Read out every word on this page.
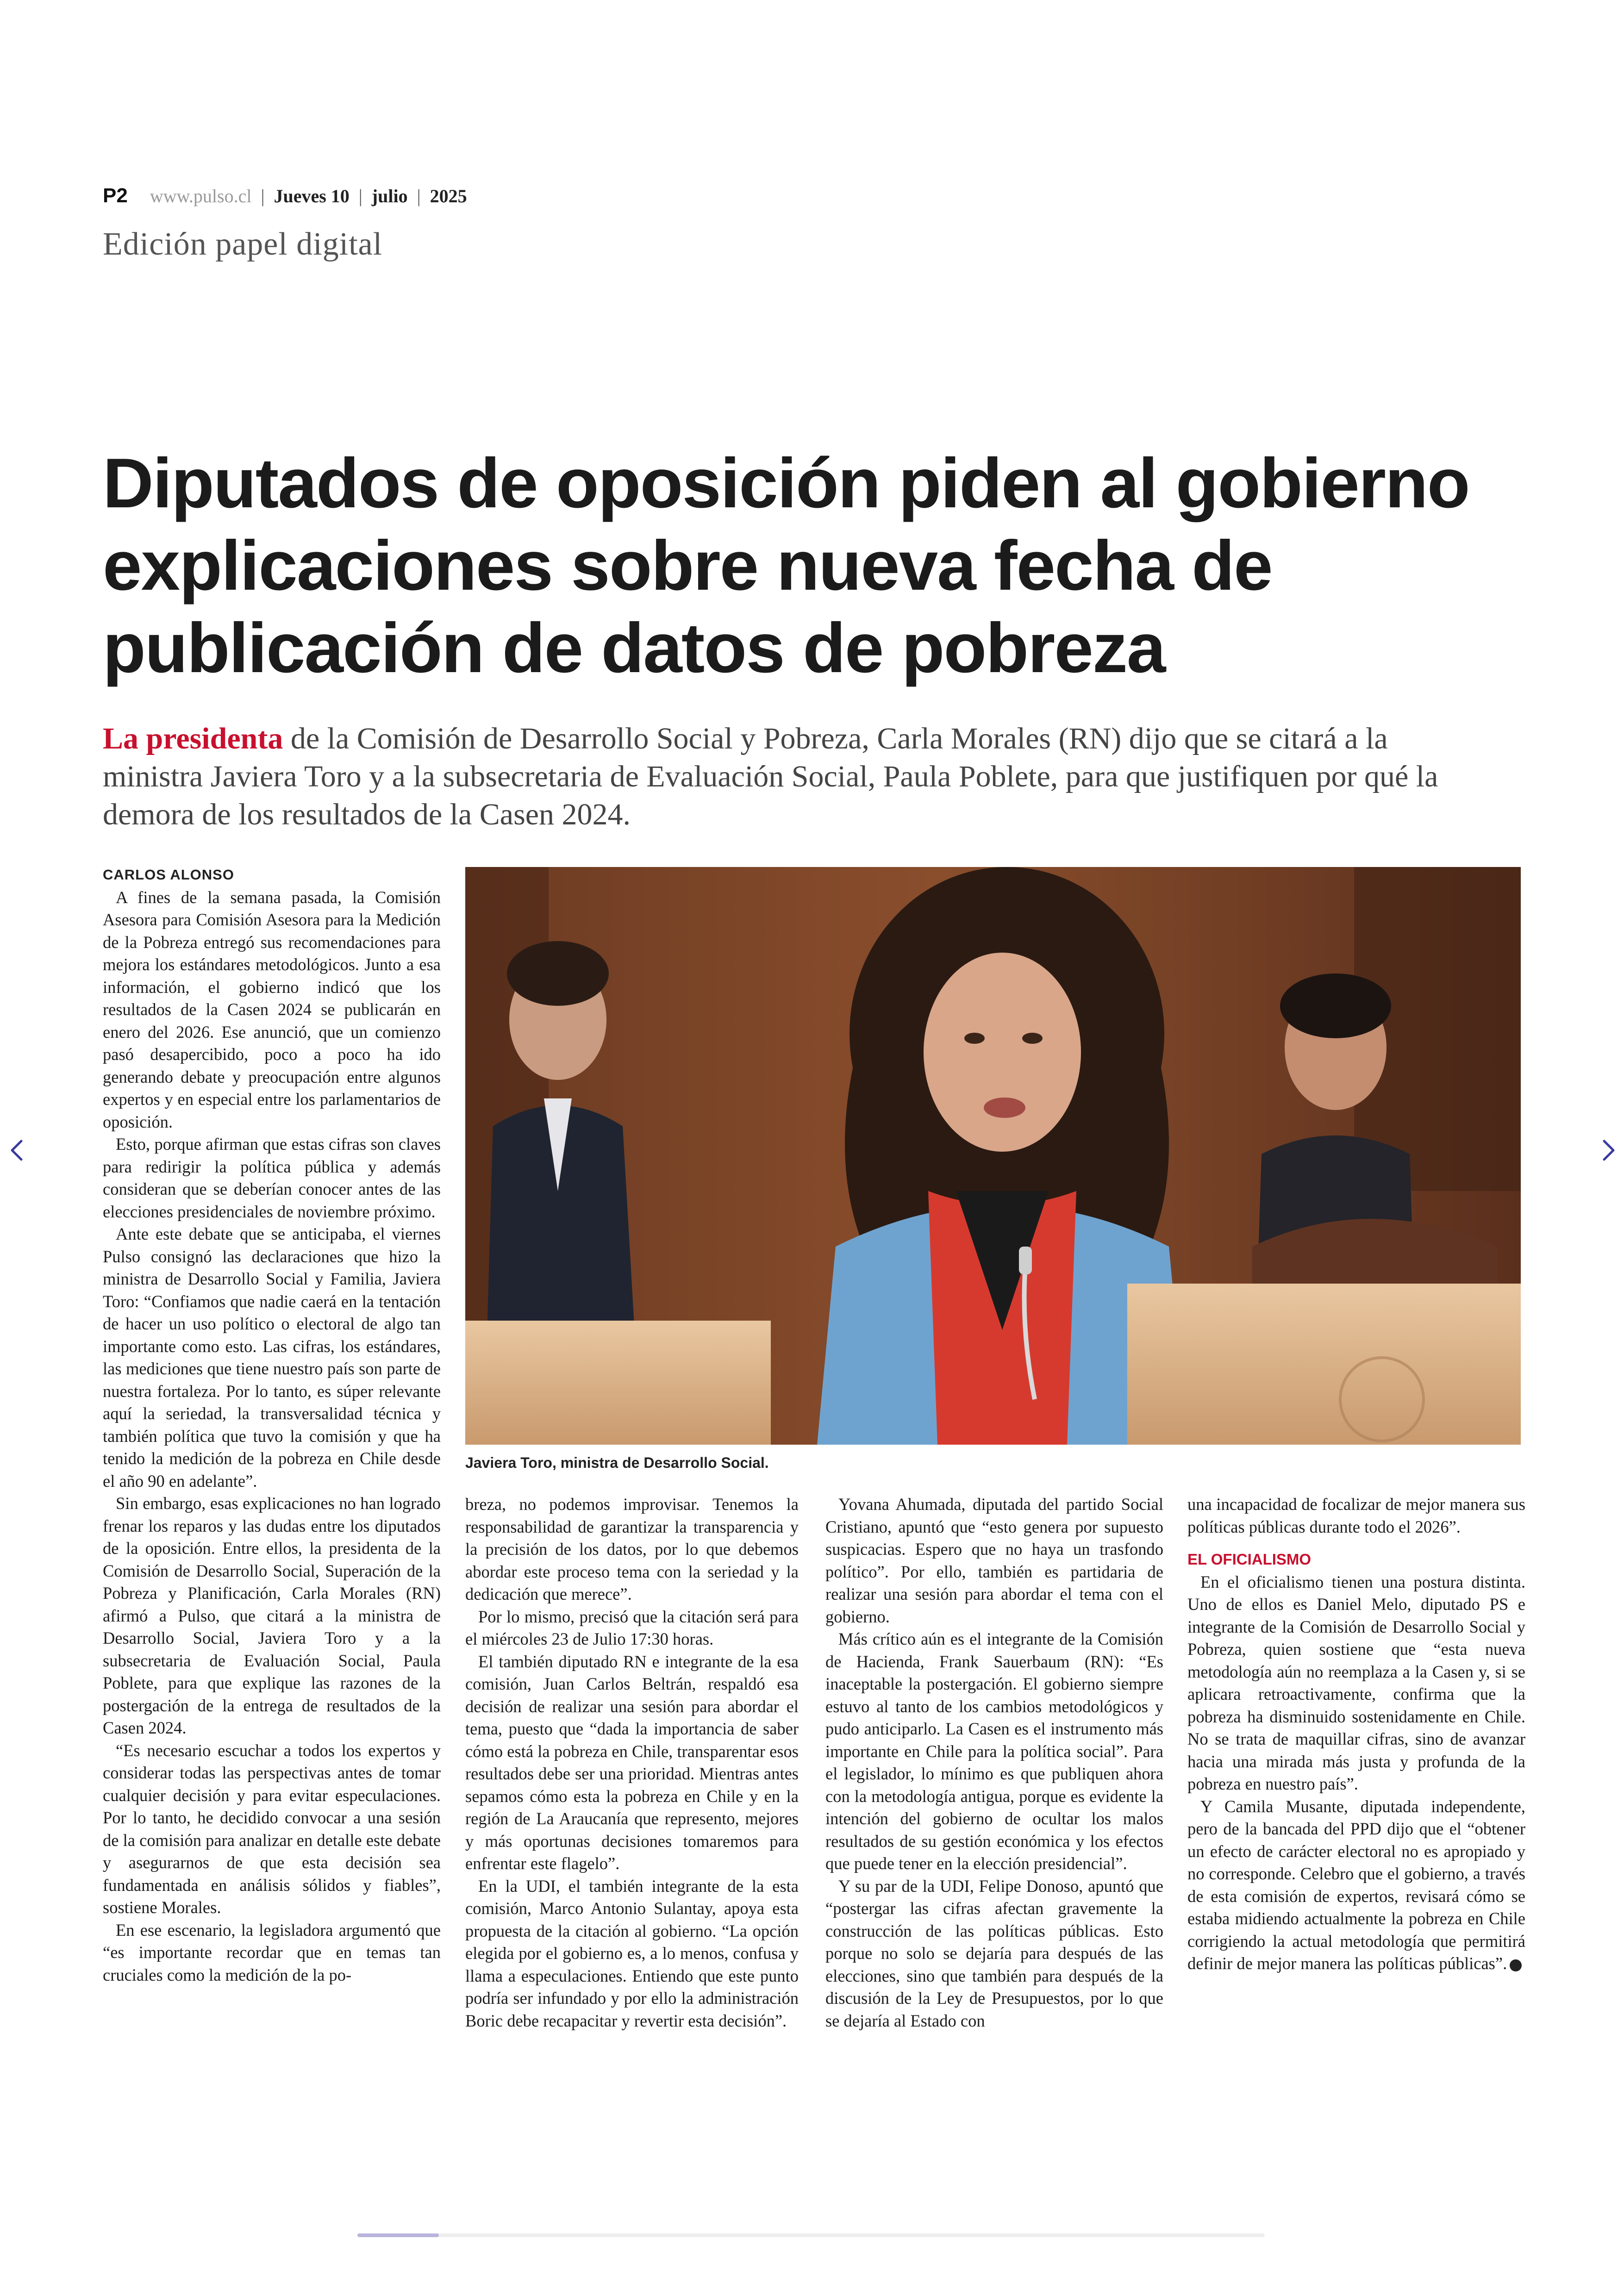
P2 www.pulso.cl | Jueves 10 | julio | 2025
Edición papel digital
Diputados de oposición piden al gobierno
explicaciones sobre nueva fecha de
publicación de datos de pobreza
La presidenta de la Comisión de Desarrollo Social y Pobreza, Carla Morales (RN) dijo que se citará a la
ministra Javiera Toro y a la subsecretaria de Evaluación Social, Paula Poblete, para que justifiquen por qué la
demora de los resultados de la Casen 2024.

CARLOS ALONSO

A fines de la semana pasada, la Comisión Asesora para Comisión Asesora para la Medición de la Pobreza entregó sus recomendaciones para mejora los estándares metodológicos. Junto a esa información, el gobierno indicó que los resultados de la Casen 2024 se publicarán en enero del 2026. Ese anunció, que un comienzo pasó desapercibido, poco a poco ha ido generando debate y preocupación entre algunos expertos y en especial entre los parlamentarios de oposición.

Esto, porque afirman que estas cifras son claves para redirigir la política pública y además consideran que se deberían conocer antes de las elecciones presidenciales de noviembre próximo.

Ante este debate que se anticipaba, el viernes Pulso consignó las declaraciones que hizo la ministra de Desarrollo Social y Familia, Javiera Toro: “Confiamos que nadie caerá en la tentación de hacer un uso político o electoral de algo tan importante como esto. Las cifras, los estándares, las mediciones que tiene nuestro país son parte de nuestra fortaleza. Por lo tanto, es súper relevante aquí la seriedad, la transversalidad técnica y también política que tuvo la comisión y que ha tenido la medición de la pobreza en Chile desde el año 90 en adelante”.

Sin embargo, esas explicaciones no han logrado frenar los reparos y las dudas entre los diputados de la oposición. Entre ellos, la presidenta de la Comisión de Desarrollo Social, Superación de la Pobreza y Planificación, Carla Morales (RN) afirmó a Pulso, que citará a la ministra de Desarrollo Social, Javiera Toro y a la subsecretaria de Evaluación Social, Paula Poblete, para que explique las razones de la postergación de la entrega de resultados de la Casen 2024.

“Es necesario escuchar a todos los expertos y considerar todas las perspectivas antes de tomar cualquier decisión y para evitar especulaciones. Por lo tanto, he decidido convocar a una sesión de la comisión para analizar en detalle este debate y asegurarnos de que esta decisión sea fundamentada en análisis sólidos y fiables”, sostiene Morales.

En ese escenario, la legisladora argumentó que “es importante recordar que en temas tan cruciales como la medición de la po-

Javiera Toro, ministra de Desarrollo Social.

breza, no podemos improvisar. Tenemos la responsabilidad de garantizar la transparencia y la precisión de los datos, por lo que debemos abordar este proceso tema con la seriedad y la dedicación que merece”.

Por lo mismo, precisó que la citación será para el miércoles 23 de Julio 17:30 horas.

El también diputado RN e integrante de la esa comisión, Juan Carlos Beltrán, respaldó esa decisión de realizar una sesión para abordar el tema, puesto que “dada la importancia de saber cómo está la pobreza en Chile, transparentar esos resultados debe ser una prioridad. Mientras antes sepamos cómo esta la pobreza en Chile y en la región de La Araucanía que represento, mejores y más oportunas decisiones tomaremos para enfrentar este flagelo”.

En la UDI, el también integrante de la esta comisión, Marco Antonio Sulantay, apoya esta propuesta de la citación al gobierno. “La opción elegida por el gobierno es, a lo menos, confusa y llama a especulaciones. Entiendo que este punto podría ser infundado y por ello la administración Boric debe recapacitar y revertir esta decisión”.

Yovana Ahumada, diputada del partido Social Cristiano, apuntó que “esto genera por supuesto suspicacias. Espero que no haya un trasfondo político”. Por ello, también es partidaria de realizar una sesión para abordar el tema con el gobierno.

Más crítico aún es el integrante de la Comisión de Hacienda, Frank Sauerbaum (RN): “Es inaceptable la postergación. El gobierno siempre estuvo al tanto de los cambios metodológicos y pudo anticiparlo. La Casen es el instrumento más importante en Chile para la política social”. Para el legislador, lo mínimo es que publiquen ahora con la metodología antigua, porque es evidente la intención del gobierno de ocultar los malos resultados de su gestión económica y los efectos que puede tener en la elección presidencial”.

Y su par de la UDI, Felipe Donoso, apuntó que “postergar las cifras afectan gravemente la construcción de las políticas públicas. Esto porque no solo se dejaría para después de las elecciones, sino que también para después de la discusión de la Ley de Presupuestos, por lo que se dejaría al Estado con

una incapacidad de focalizar de mejor manera sus políticas públicas durante todo el 2026”.

EL OFICIALISMO

En el oficialismo tienen una postura distinta. Uno de ellos es Daniel Melo, diputado PS e integrante de la Comisión de Desarrollo Social y Pobreza, quien sostiene que “esta nueva metodología aún no reemplaza a la Casen y, si se aplicara retroactivamente, confirma que la pobreza ha disminuido sostenidamente en Chile. No se trata de maquillar cifras, sino de avanzar hacia una mirada más justa y profunda de la pobreza en nuestro país”.

Y Camila Musante, diputada independente, pero de la bancada del PPD dijo que el “obtener un efecto de carácter electoral no es apropiado y no corresponde. Celebro que el gobierno, a través de esta comisión de expertos, revisará cómo se estaba midiendo actualmente la pobreza en Chile corrigiendo la actual metodología que permitirá definir de mejor manera las políticas públicas”.
